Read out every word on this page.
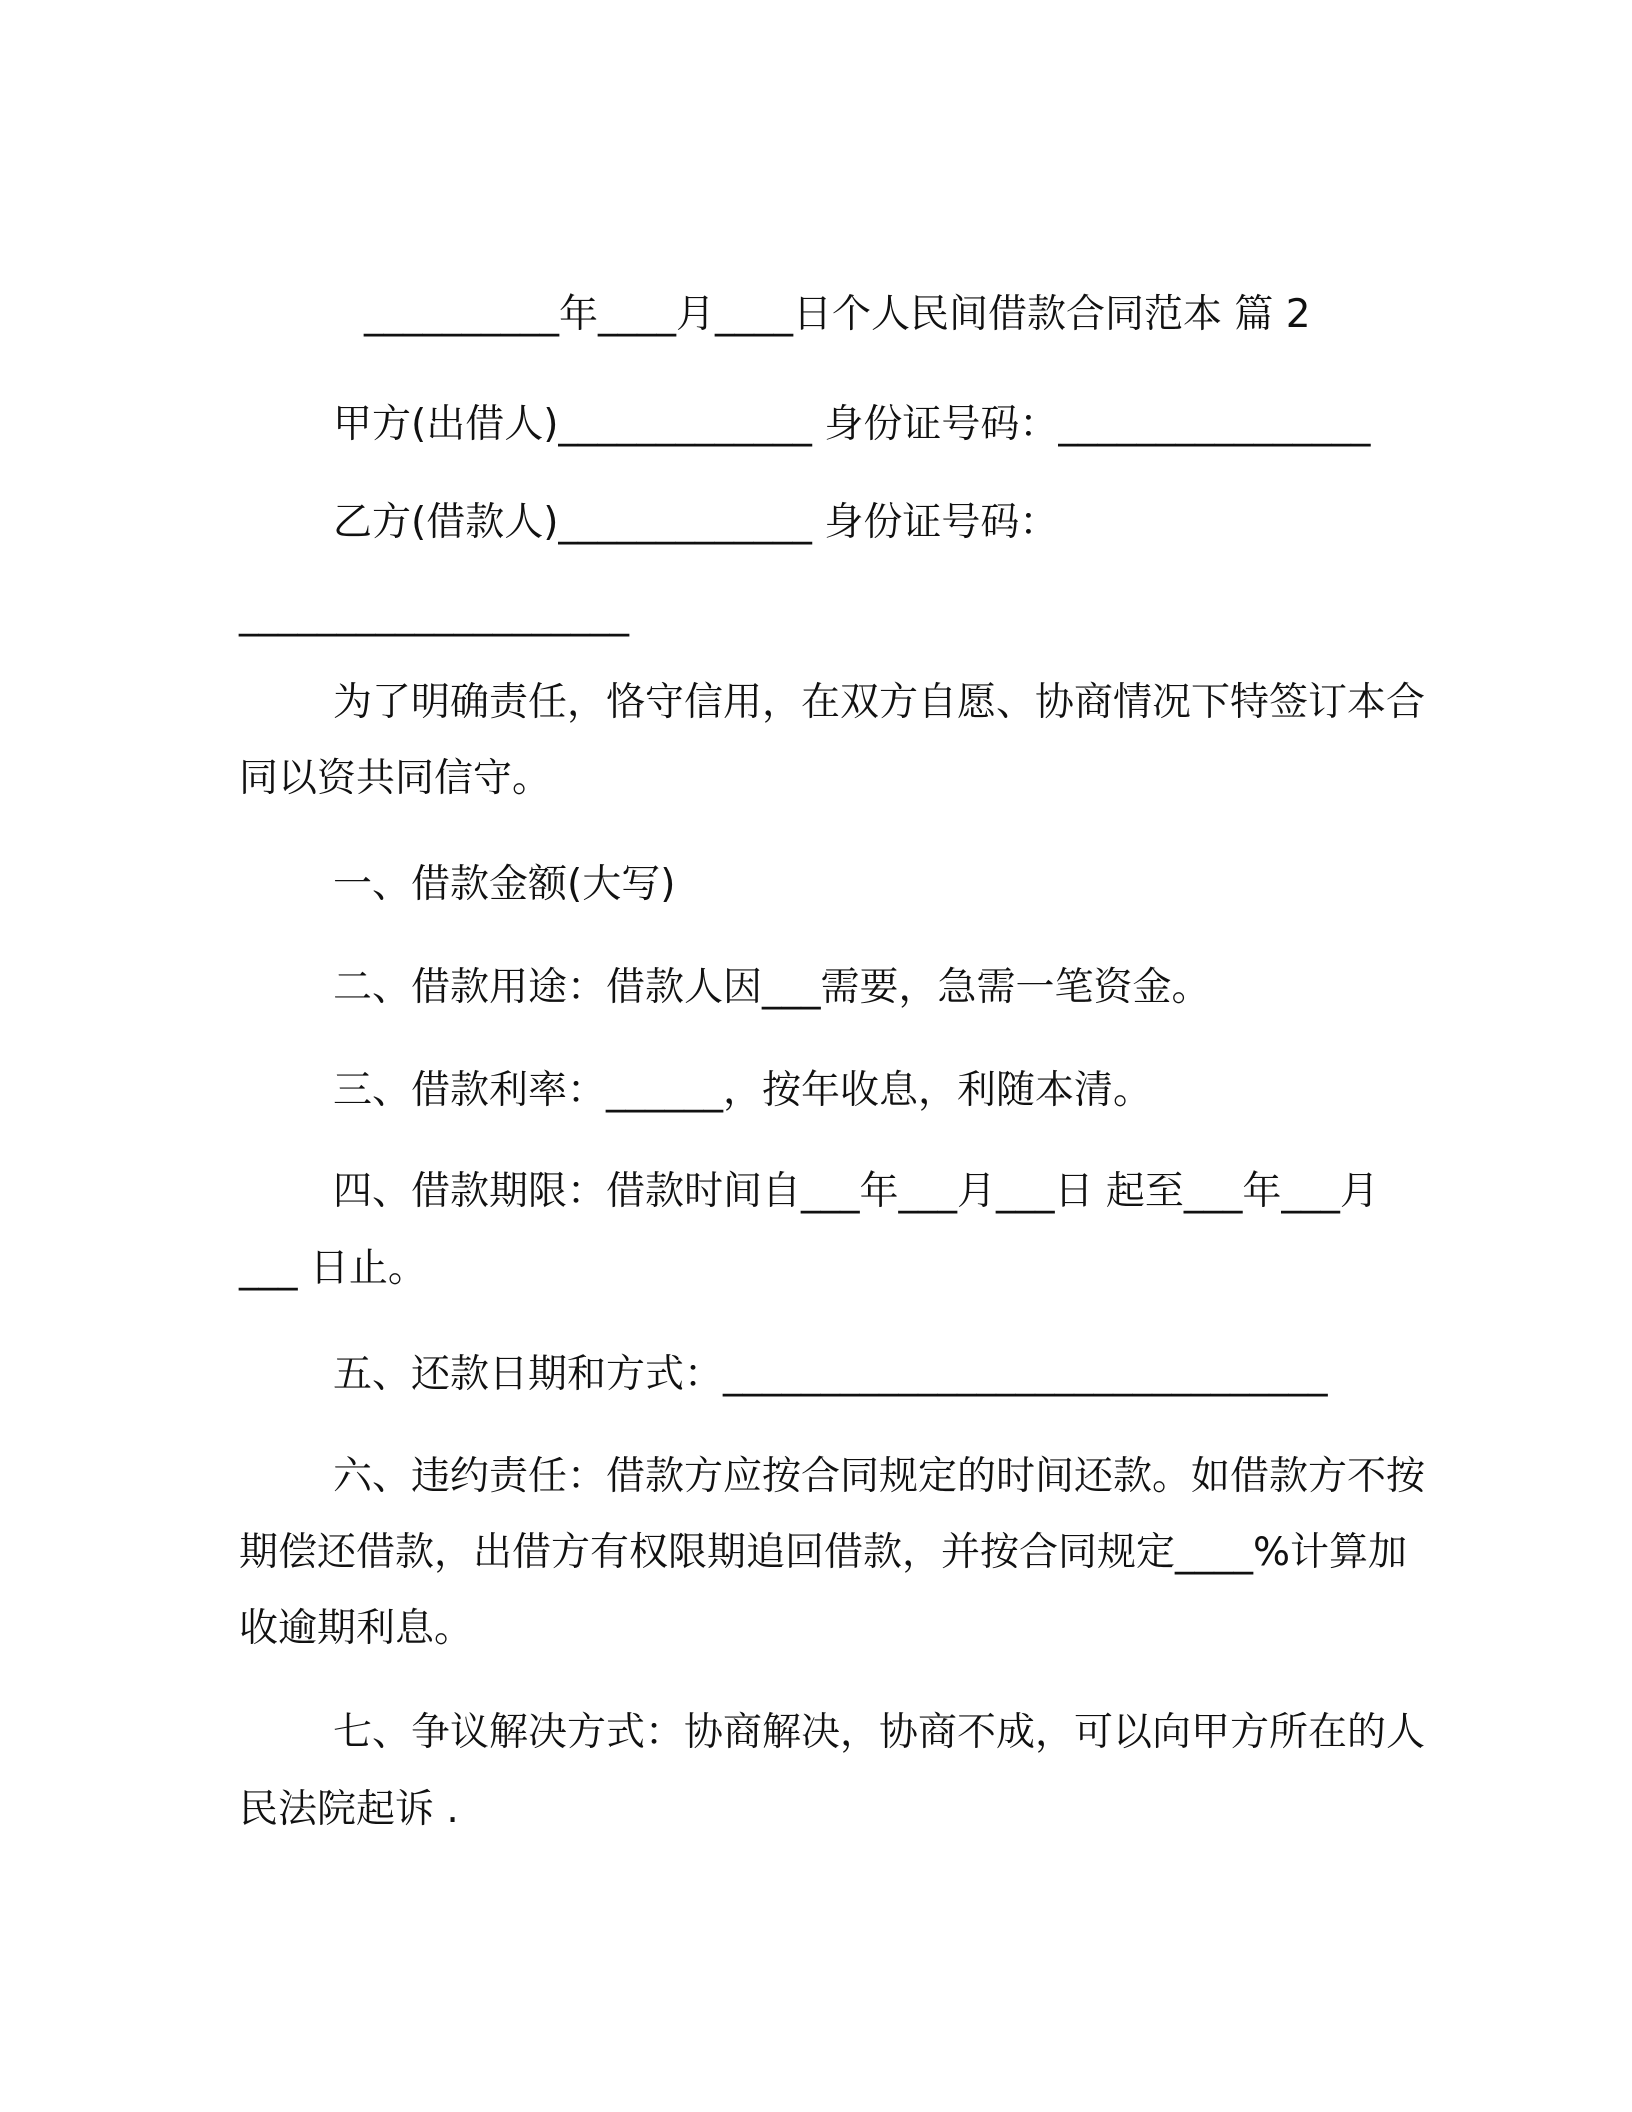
__________年____月____日个人民间借款合同范本 篇 2
甲方(出借人)_____________ 身份证号码：________________
乙方(借款人)_____________ 身份证号码：
____________________
为了明确责任，恪守信用，在双方自愿、协商情况下特签订本合
同以资共同信守。
一、借款金额(大写)
二、借款用途：借款人因___需要，急需一笔资金。
三、借款利率：______，按年收息，利随本清。
四、借款期限：借款时间自___年___月___日 起至___年___月
___ 日止。
五、还款日期和方式：_______________________________
六、违约责任：借款方应按合同规定的时间还款。如借款方不按
期偿还借款，出借方有权限期追回借款，并按合同规定____%计算加
收逾期利息。
七、争议解决方式：协商解决，协商不成，可以向甲方所在的人
民法院起诉 .
